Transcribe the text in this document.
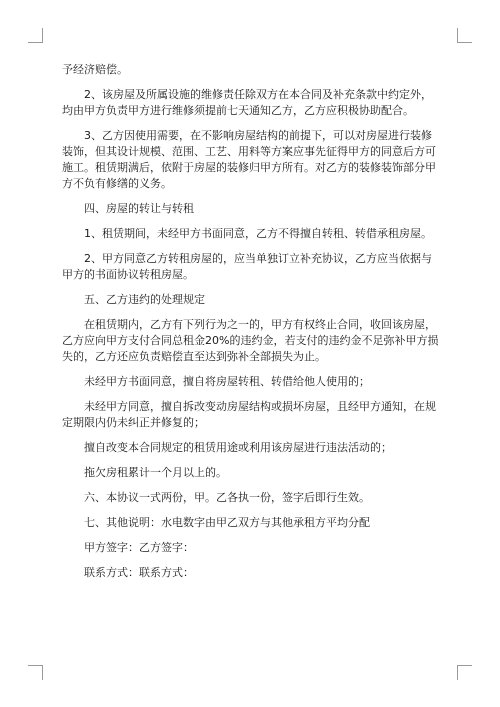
予经济赔偿。

2、该房屋及所属设施的维修责任除双方在本合同及补充条款中约定外，均由甲方负责甲方进行维修须提前七天通知乙方，乙方应积极协助配合。

3、乙方因使用需要，在不影响房屋结构的前提下，可以对房屋进行装修装饰，但其设计规模、范围、工艺、用料等方案应事先征得甲方的同意后方可施工。租赁期满后，依附于房屋的装修归甲方所有。对乙方的装修装饰部分甲方不负有修缮的义务。

四、房屋的转让与转租

1、租赁期间，未经甲方书面同意，乙方不得擅自转租、转借承租房屋。

2、甲方同意乙方转租房屋的，应当单独订立补充协议，乙方应当依据与甲方的书面协议转租房屋。

五、乙方违约的处理规定

在租赁期内，乙方有下列行为之一的，甲方有权终止合同，收回该房屋，乙方应向甲方支付合同总租金20%的违约金，若支付的违约金不足弥补甲方损失的，乙方还应负责赔偿直至达到弥补全部损失为止。

未经甲方书面同意，擅自将房屋转租、转借给他人使用的；

未经甲方同意，擅自拆改变动房屋结构或损坏房屋，且经甲方通知，在规定期限内仍未纠正并修复的；

擅自改变本合同规定的租赁用途或利用该房屋进行违法活动的；

拖欠房租累计一个月以上的。

六、本协议一式两份，甲。乙各执一份，签字后即行生效。

七、其他说明：水电数字由甲乙双方与其他承租方平均分配

甲方签字：乙方签字：

联系方式：联系方式：
